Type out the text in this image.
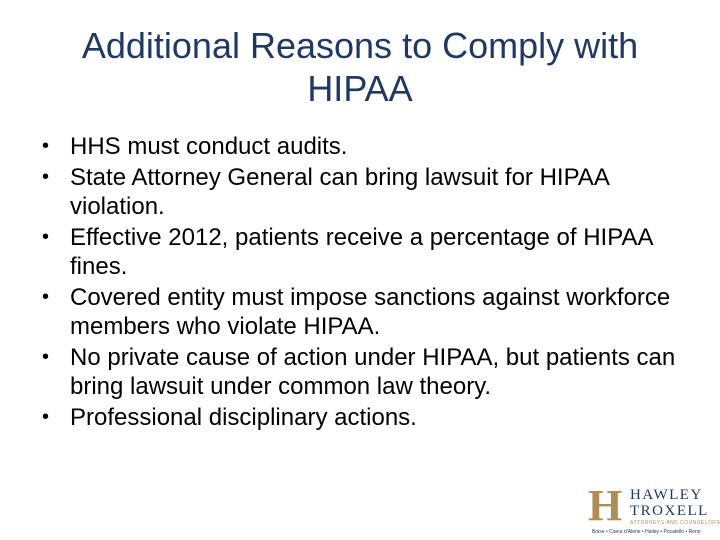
Additional Reasons to Comply with
HIPAA
• HHS must conduct audits.
• State Attorney General can bring lawsuit for HIPAA violation.
• Effective 2012, patients receive a percentage of HIPAA fines.
• Covered entity must impose sanctions against workforce members who violate HIPAA.
• No private cause of action under HIPAA, but patients can bring lawsuit under common law theory.
• Professional disciplinary actions.
H HAWLEY
TROXELL
ATTORNEYS AND COUNSELORS
Boise • Coeur d'Alene • Hailey • Pocatello • Reno
